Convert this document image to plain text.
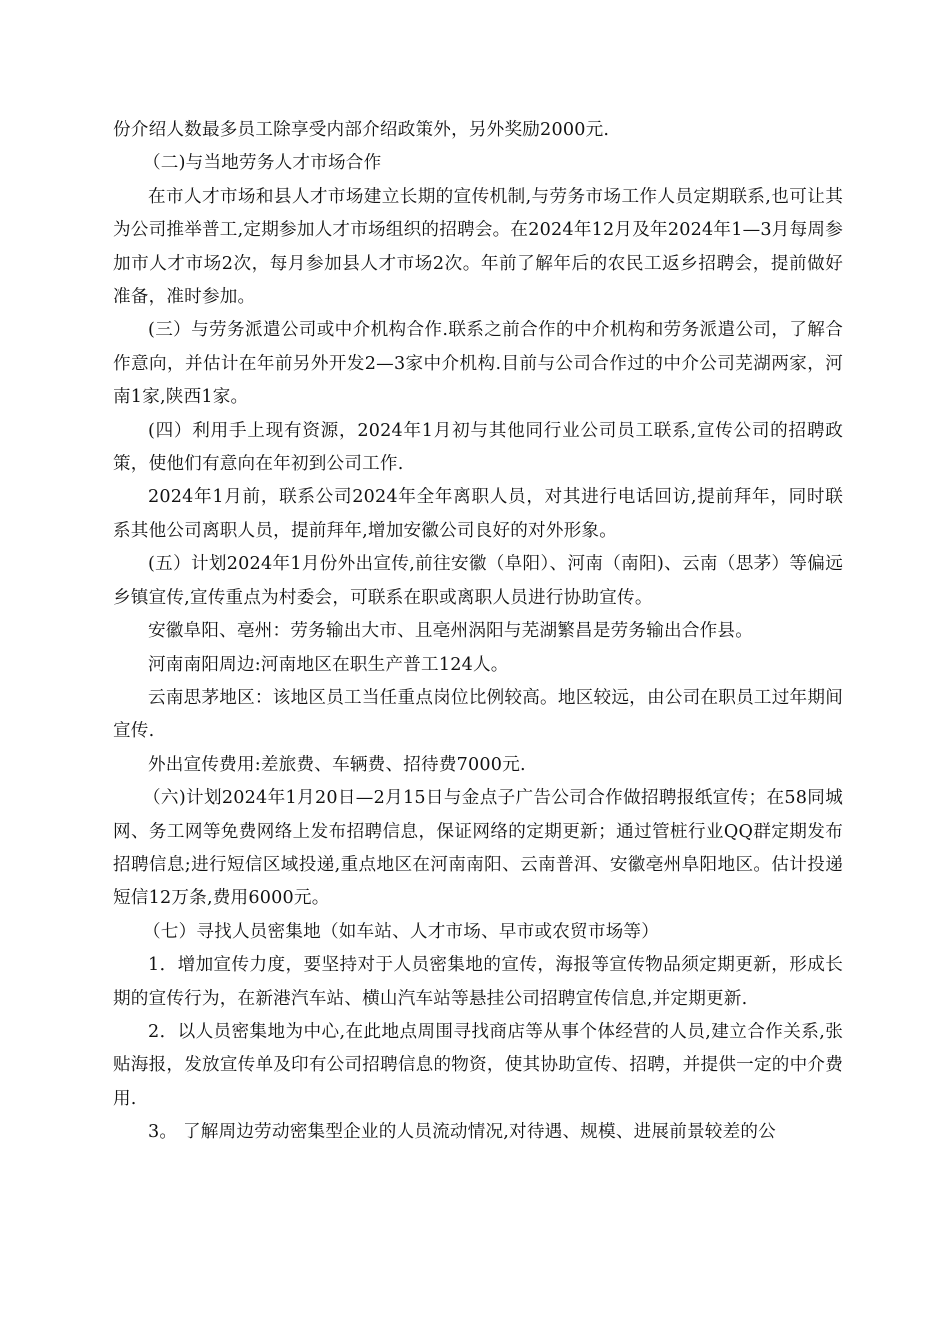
份介绍人数最多员工除享受内部介绍政策外，另外奖励2000元.

（二)与当地劳务人才市场合作

在市人才市场和县人才市场建立长期的宣传机制,与劳务市场工作人员定期联系,也可让其为公司推举普工,定期参加人才市场组织的招聘会。在2024年12月及年2024年1—3月每周参加市人才市场2次，每月参加县人才市场2次。年前了解年后的农民工返乡招聘会，提前做好准备，准时参加。

(三）与劳务派遣公司或中介机构合作.联系之前合作的中介机构和劳务派遣公司，了解合作意向，并估计在年前另外开发2—3家中介机构.目前与公司合作过的中介公司芜湖两家，河南1家,陕西1家。

(四）利用手上现有资源，2024年1月初与其他同行业公司员工联系,宣传公司的招聘政策，使他们有意向在年初到公司工作.

2024年1月前，联系公司2024年全年离职人员，对其进行电话回访,提前拜年，同时联系其他公司离职人员，提前拜年,增加安徽公司良好的对外形象。

(五）计划2024年1月份外出宣传,前往安徽（阜阳）、河南（南阳)、云南（思茅）等偏远乡镇宣传,宣传重点为村委会，可联系在职或离职人员进行协助宣传。

安徽阜阳、亳州：劳务输出大市、且亳州涡阳与芜湖繁昌是劳务输出合作县。

河南南阳周边:河南地区在职生产普工124人。

云南思茅地区：该地区员工当任重点岗位比例较高。地区较远，由公司在职员工过年期间宣传.

外出宣传费用:差旅费、车辆费、招待费7000元.

（六)计划2024年1月20日—2月15日与金点子广告公司合作做招聘报纸宣传；在58同城网、务工网等免费网络上发布招聘信息，保证网络的定期更新；通过管桩行业QQ群定期发布招聘信息;进行短信区域投递,重点地区在河南南阳、云南普洱、安徽亳州阜阳地区。估计投递短信12万条,费用6000元。

（七）寻找人员密集地（如车站、人才市场、早市或农贸市场等）

1．增加宣传力度，要坚持对于人员密集地的宣传，海报等宣传物品须定期更新，形成长期的宣传行为，在新港汽车站、横山汽车站等悬挂公司招聘宣传信息,并定期更新.

2．以人员密集地为中心,在此地点周围寻找商店等从事个体经营的人员,建立合作关系,张贴海报，发放宣传单及印有公司招聘信息的物资，使其协助宣传、招聘，并提供一定的中介费用.

3。 了解周边劳动密集型企业的人员流动情况,对待遇、规模、进展前景较差的公
